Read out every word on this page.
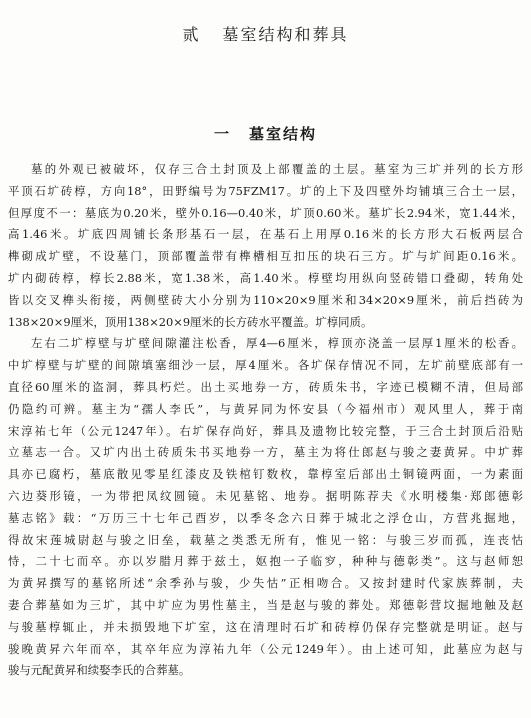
贰 墓室结构和葬具
一 墓室结构
墓的外观已被破坏，仅存三合土封顶及上部覆盖的土层。墓室为三圹并列的长方形
平顶石圹砖椁，方向18°，田野编号为75FZM17。圹的上下及四壁外均铺填三合土一层，
但厚度不一：墓底为0.20米，壁外0.16—0.40米，圹顶0.60米。墓圹长2.94米，宽1.44米，
高1.46米。圹底四周铺长条形基石一层，在基石上用厚0.16米的长方形大石板两层合
榫砌成圹壁，不设墓门，顶部覆盖带有榫槽相互扣压的块石三方。圹与圹间距0.16米。
圹内砌砖椁，椁长2.88米，宽1.38米，高1.40米。椁壁均用纵向竖砖错口叠砌，转角处
皆以交叉榫头衔接，两侧壁砖大小分别为110×20×9厘米和34×20×9厘米，前后挡砖为
138×20×9厘米，顶用138×20×9厘米的长方砖水平覆盖。圹椁同质。
左右二圹椁壁与圹壁间隙灌注松香，厚4—6厘米，椁顶亦浇盖一层厚1厘米的松香。
中圹椁壁与圹壁的间隙填塞细沙一层，厚4厘米。各圹保存情况不同，左圹前壁底部有一
直径60厘米的盗洞，葬具朽烂。出土买地券一方，砖质朱书，字迹已模糊不清，但局部
仍隐约可辨。墓主为“孺人李氏”，与黄昇同为怀安县（今福州市）观风里人，葬于南
宋淳祐七年（公元1247年）。右圹保存尚好，葬具及遗物比较完整，于三合土封顶后沿贴
立墓志一合。又圹内出土砖质朱书买地券一方，墓主为将仕郎赵与骏之妻黄昇。中圹葬
具亦已腐朽，墓底散见零星红漆皮及铁棺钉数枚，靠椁室后部出土铜镜两面，一为素面
六边葵形镜，一为带把凤纹圆镜。未见墓铭、地券。据明陈荐夫《水明楼集·郑郎德彰
墓志铭》载：“万历三十七年己酉岁，以季冬念六日葬于城北之浮仓山，方营兆掘地，
得故宋莲城尉赵与骏之旧垒，载墓之类悉无所有，惟见一铭：与骏三岁而孤，连丧怙
恃，二十七而卒。亦以岁腊月葬于兹土，妪抱一子临穸，种种与德彰类”。这与赵师恕
为黄昇撰写的墓铭所述“余季孙与骏，少失怙”正相吻合。又按封建时代家族葬制，夫
妻合葬墓如为三圹，其中圹应为男性墓主，当是赵与骏的葬处。郑德彰营坟掘地触及赵
与骏墓椁辄止，并未损毁地下圹室，这在清理时石圹和砖椁仍保存完整就是明证。赵与
骏晚黄昇六年而卒，其卒年应为淳祐九年（公元1249年）。由上述可知，此墓应为赵与
骏与元配黄昇和续娶李氏的合葬墓。
